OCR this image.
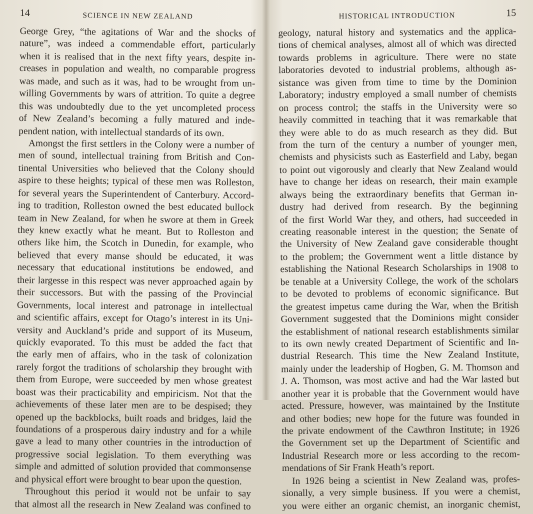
14	SCIENCE IN NEW ZEALAND
George Grey, “the agitations of War and the shocks of
nature”, was indeed a commendable effort, particularly
when it is realised that in the next fifty years, despite in-
creases in population and wealth, no comparable progress
was made, and such as it was, had to be wrought from un-
willing Governments by wars of attrition. To quite a degree
this was undoubtedly due to the yet uncompleted process
of New Zealand’s becoming a fully matured and inde-
pendent nation, with intellectual standards of its own.
Amongst the first settlers in the Colony were a number of
men of sound, intellectual training from British and Con-
tinental Universities who believed that the Colony should
aspire to these heights; typical of these men was Rolleston,
for several years the Superintendent of Canterbury. Accord-
ing to tradition, Rolleston owned the best educated bullock
team in New Zealand, for when he swore at them in Greek
they knew exactly what he meant. But to Rolleston and
others like him, the Scotch in Dunedin, for example, who
believed that every manse should be educated, it was
necessary that educational institutions be endowed, and
their largesse in this respect was never approached again by
their successors. But with the passing of the Provincial
Governments, local interest and patronage in intellectual
and scientific affairs, except for Otago’s interest in its Uni-
versity and Auckland’s pride and support of its Museum,
quickly evaporated. To this must be added the fact that
the early men of affairs, who in the task of colonization
rarely forgot the traditions of scholarship they brought with
them from Europe, were succeeded by men whose greatest
boast was their practicability and empiricism. Not that the
achievements of these later men are to be despised; they
opened up the backblocks, built roads and bridges, laid the
foundations of a prosperous dairy industry and for a while
gave a lead to many other countries in the introduction of
progressive social legislation. To them everything was
simple and admitted of solution provided that commonsense
and physical effort were brought to bear upon the question.
Throughout this period it would not be unfair to say
that almost all the research in New Zealand was confined to
HISTORICAL INTRODUCTION	15
geology, natural history and systematics and the applica-
tions of chemical analyses, almost all of which was directed
towards problems in agriculture. There were no state
laboratories devoted to industrial problems, although as-
sistance was given from time to time by the Dominion
Laboratory; industry employed a small number of chemists
on process control; the staffs in the University were so
heavily committed in teaching that it was remarkable that
they were able to do as much research as they did. But
from the turn of the century a number of younger men,
chemists and physicists such as Easterfield and Laby, began
to point out vigorously and clearly that New Zealand would
have to change her ideas on research, their main example
always being the extraordinary benefits that German in-
dustry had derived from research. By the beginning
of the first World War they, and others, had succeeded in
creating reasonable interest in the question; the Senate of
the University of New Zealand gave considerable thought
to the problem; the Government went a little distance by
establishing the National Research Scholarships in 1908 to
be tenable at a University College, the work of the scholars
to be devoted to problems of economic significance. But
the greatest impetus came during the War, when the British
Government suggested that the Dominions might consider
the establishment of national research establishments similar
to its own newly created Department of Scientific and In-
dustrial Research. This time the New Zealand Institute,
mainly under the leadership of Hogben, G. M. Thomson and
J. A. Thomson, was most active and had the War lasted but
another year it is probable that the Government would have
acted. Pressure, however, was maintained by the Institute
and other bodies; new hope for the future was founded in
the private endowment of the Cawthron Institute; in 1926
the Government set up the Department of Scientific and
Industrial Research more or less according to the recom-
mendations of Sir Frank Heath’s report.
In 1926 being a scientist in New Zealand was, profes-
sionally, a very simple business. If you were a chemist,
you were either an organic chemist, an inorganic chemist,
